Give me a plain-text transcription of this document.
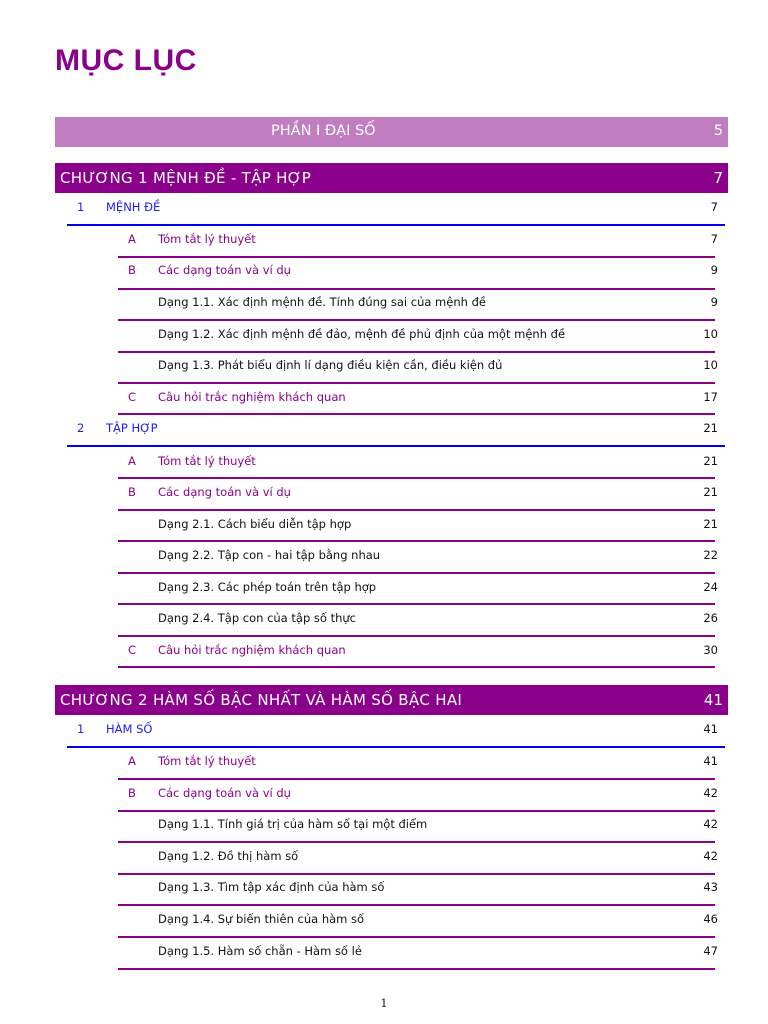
MỤC LỤC
PHẦN I ĐẠI SỐ	5
CHƯƠNG 1 MỆNH ĐỀ - TẬP HỢP	7
1 MỆNH ĐỀ	7
A Tóm tắt lý thuyết	7
B Các dạng toán và ví dụ	9
Dạng 1.1. Xác định mệnh đề. Tính đúng sai của mệnh đề	9
Dạng 1.2. Xác định mệnh đề đảo, mệnh đề phủ định của một mệnh đề	10
Dạng 1.3. Phát biểu định lí dạng điều kiện cần, điều kiện đủ	10
C Câu hỏi trắc nghiệm khách quan	17
2 TẬP HỢP	21
A Tóm tắt lý thuyết	21
B Các dạng toán và ví dụ	21
Dạng 2.1. Cách biểu diễn tập hợp	21
Dạng 2.2. Tập con - hai tập bằng nhau	22
Dạng 2.3. Các phép toán trên tập hợp	24
Dạng 2.4. Tập con của tập số thực	26
C Câu hỏi trắc nghiệm khách quan	30
CHƯƠNG 2 HÀM SỐ BẬC NHẤT VÀ HÀM SỐ BẬC HAI	41
1 HÀM SỐ	41
A Tóm tắt lý thuyết	41
B Các dạng toán và ví dụ	42
Dạng 1.1. Tính giá trị của hàm số tại một điểm	42
Dạng 1.2. Đồ thị hàm số	42
Dạng 1.3. Tìm tập xác định của hàm số	43
Dạng 1.4. Sự biến thiên của hàm số	46
Dạng 1.5. Hàm số chẵn - Hàm số lẻ	47
1
